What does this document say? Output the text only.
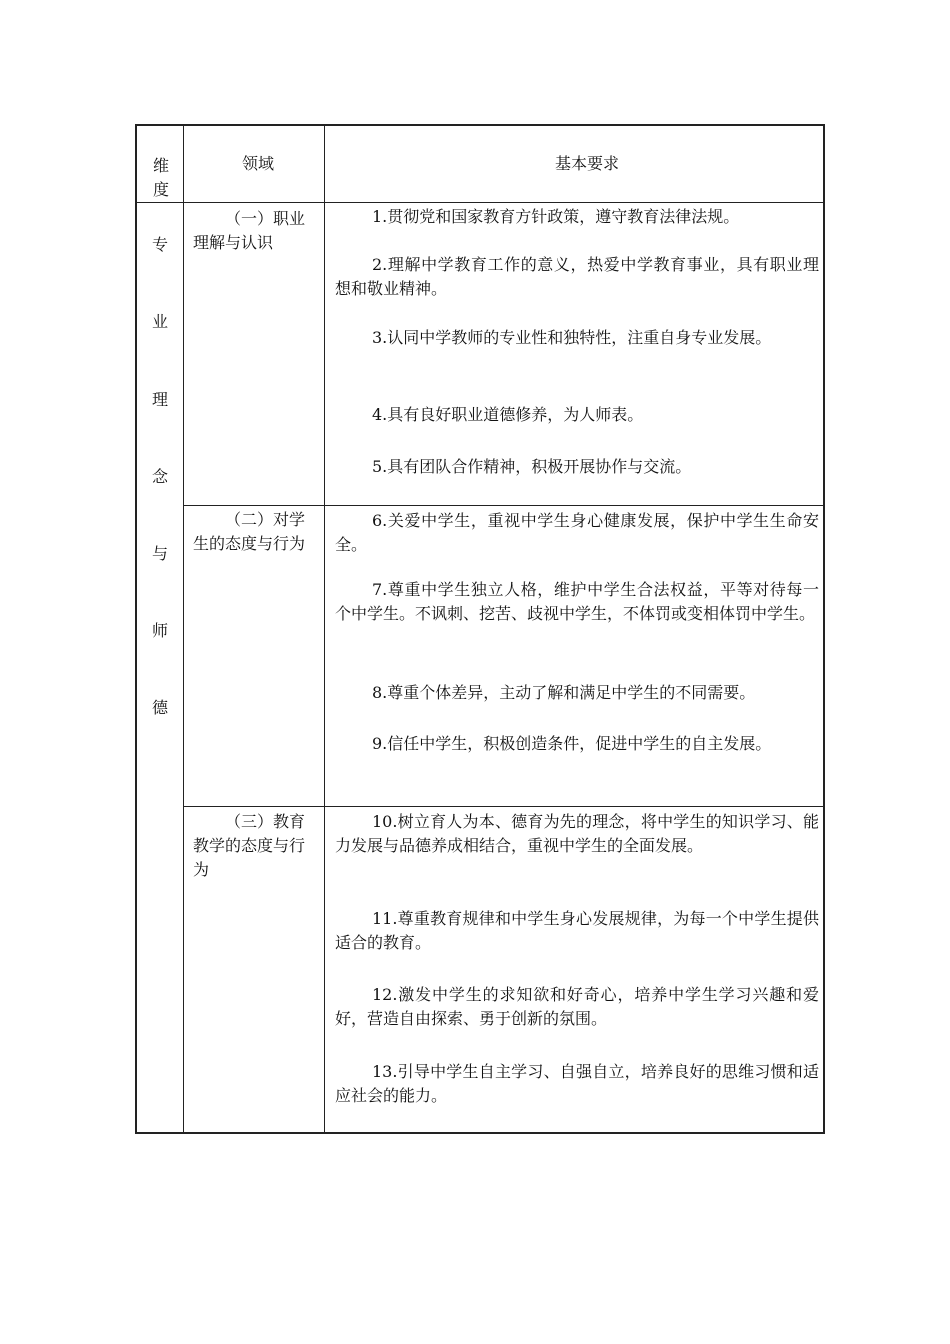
维度
领域	基本要求
专
业
理
念
与
师
德
（一）职业理解与认识
1.贯彻党和国家教育方针政策，遵守教育法律法规。
2.理解中学教育工作的意义，热爱中学教育事业，具有职业理想和敬业精神。
3.认同中学教师的专业性和独特性，注重自身专业发展。
4.具有良好职业道德修养，为人师表。
5.具有团队合作精神，积极开展协作与交流。
（二）对学生的态度与行为
6.关爱中学生，重视中学生身心健康发展，保护中学生生命安全。
7.尊重中学生独立人格，维护中学生合法权益，平等对待每一个中学生。不讽刺、挖苦、歧视中学生，不体罚或变相体罚中学生。
8.尊重个体差异，主动了解和满足中学生的不同需要。
9.信任中学生，积极创造条件，促进中学生的自主发展。
（三）教育教学的态度与行为
10.树立育人为本、德育为先的理念，将中学生的知识学习、能力发展与品德养成相结合，重视中学生的全面发展。
11.尊重教育规律和中学生身心发展规律，为每一个中学生提供适合的教育。
12.激发中学生的求知欲和好奇心，培养中学生学习兴趣和爱好，营造自由探索、勇于创新的氛围。
13.引导中学生自主学习、自强自立，培养良好的思维习惯和适应社会的能力。
